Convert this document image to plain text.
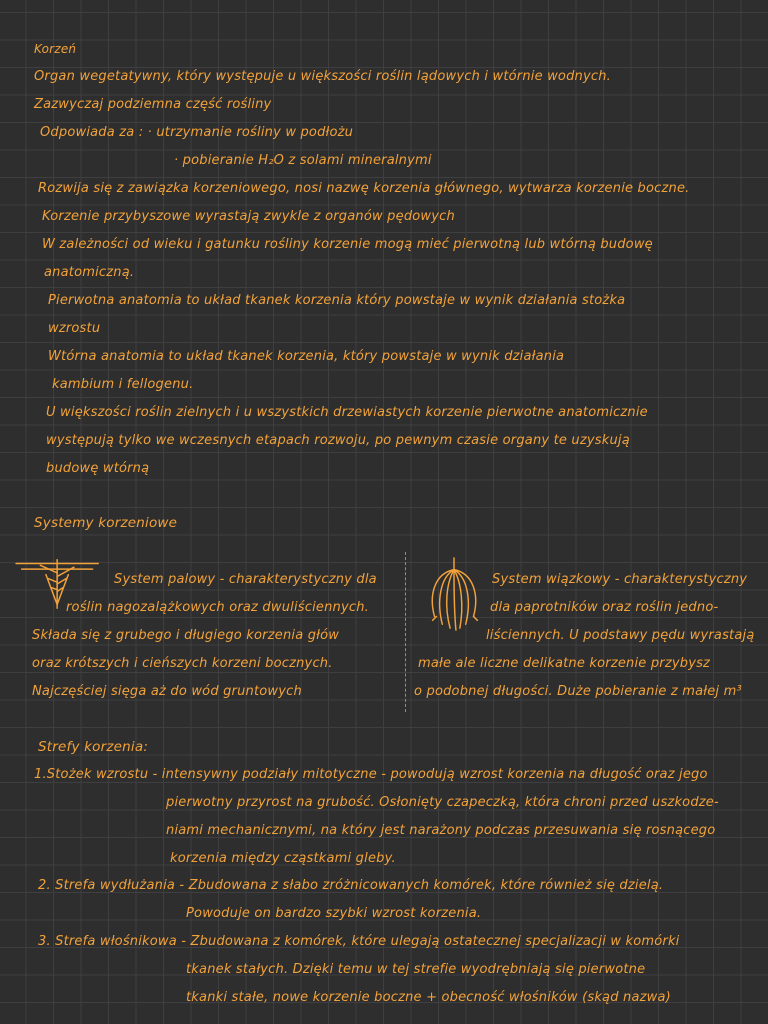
Korzeń
Organ wegetatywny, który występuje u większości roślin lądowych i wtórnie wodnych.
Zazwyczaj podziemna część rośliny
Odpowiada za : · utrzymanie rośliny w podłożu
· pobieranie H₂O z solami mineralnymi
Rozwija się z zawiązka korzeniowego, nosi nazwę korzenia głównego, wytwarza korzenie boczne.
Korzenie przybyszowe wyrastają zwykle z organów pędowych
W zależności od wieku i gatunku rośliny korzenie mogą mieć pierwotną lub wtórną budowę
anatomiczną.
Pierwotna anatomia to układ tkanek korzenia który powstaje w wynik działania stożka
wzrostu
Wtórna anatomia to układ tkanek korzenia, który powstaje w wynik działania
kambium i fellogenu.
U większości roślin zielnych i u wszystkich drzewiastych korzenie pierwotne anatomicznie
występują tylko we wczesnych etapach rozwoju, po pewnym czasie organy te uzyskują
budowę wtórną
Systemy korzeniowe
System palowy - charakterystyczny dla
roślin nagozalążkowych oraz dwuliściennych.
Składa się z grubego i długiego korzenia głów
oraz krótszych i cieńszych korzeni bocznych.
Najczęściej sięga aż do wód gruntowych
System wiązkowy - charakterystyczny
dla paprotników oraz roślin jedno-
liściennych. U podstawy pędu wyrastają
małe ale liczne delikatne korzenie przybysz
o podobnej długości. Duże pobieranie z małej m³
Strefy korzenia:
1.Stożek wzrostu - intensywny podziały mitotyczne - powodują wzrost korzenia na długość oraz jego
pierwotny przyrost na grubość. Osłonięty czapeczką, która chroni przed uszkodze-
niami mechanicznymi, na który jest narażony podczas przesuwania się rosnącego
korzenia między cząstkami gleby.
2. Strefa wydłużania - Zbudowana z słabo zróżnicowanych komórek, które również się dzielą.
Powoduje on bardzo szybki wzrost korzenia.
3. Strefa włośnikowa - Zbudowana z komórek, które ulegają ostatecznej specjalizacji w komórki
tkanek stałych. Dzięki temu w tej strefie wyodrębniają się pierwotne
tkanki stałe, nowe korzenie boczne + obecność włośników (skąd nazwa)
